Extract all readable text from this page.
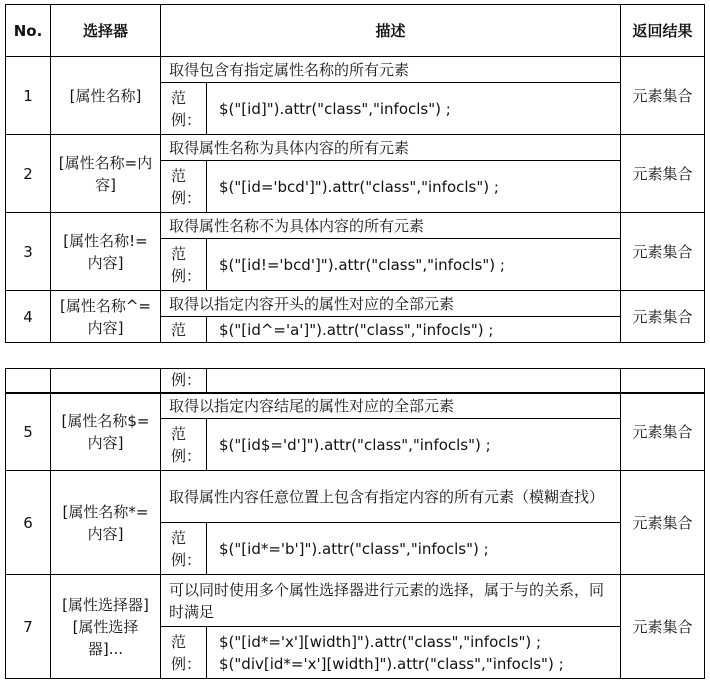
No.	选择器	描述		返回结果
1	[属性名称]	取得包含有指定属性名称的所有元素		元素集合
		范例：	$("[id]").attr("class","infocls") ;	
2	[属性名称=内容]	取得属性名称为具体内容的所有元素		元素集合
		范例：	$("[id='bcd']").attr("class","infocls") ;	
3	[属性名称!=内容]	取得属性名称不为具体内容的所有元素		元素集合
		范例：	$("[id!='bcd']").attr("class","infocls") ;	
4	[属性名称^=内容]	取得以指定内容开头的属性对应的全部元素		元素集合
		范	$("[id^='a']").attr("class","infocls") ;	
		例：		
5	[属性名称$=内容]	取得以指定内容结尾的属性对应的全部元素		元素集合
		范例：	$("[id$='d']").attr("class","infocls") ;	
6	[属性名称*=内容]	取得属性内容任意位置上包含有指定内容的所有元素（模糊查找）		元素集合
		范例：	$("[id*='b']").attr("class","infocls") ;	
7	[属性选择器][属性选择器]...	可以同时使用多个属性选择器进行元素的选择，属于与的关系，同时满足		元素集合
		范例：	$("[id*='x'][width]").attr("class","infocls") ;
$("div[id*='x'][width]").attr("class","infocls") ;	
